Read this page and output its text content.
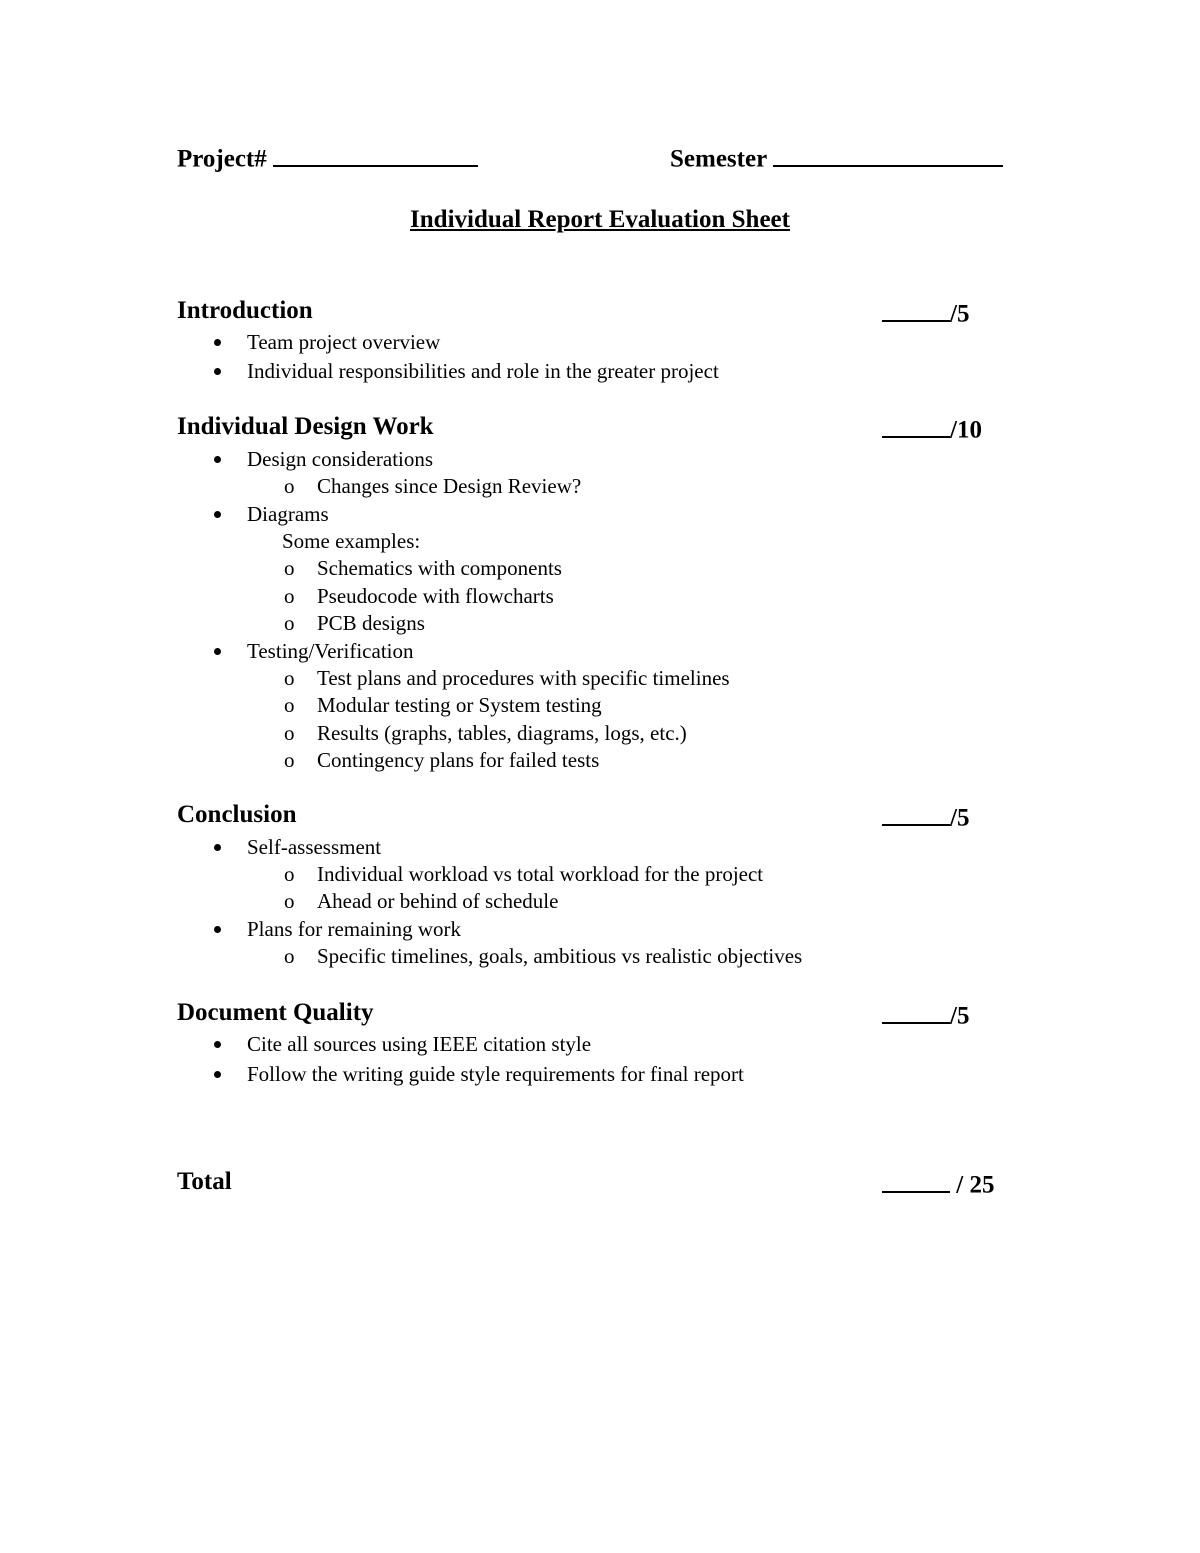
Project#	Semester
Individual Report Evaluation Sheet
Introduction	/5
Team project overview
Individual responsibilities and role in the greater project
Individual Design Work	/10
Design considerations
o Changes since Design Review?
Diagrams
Some examples:
o Schematics with components
o Pseudocode with flowcharts
o PCB designs
Testing/Verification
o Test plans and procedures with specific timelines
o Modular testing or System testing
o Results (graphs, tables, diagrams, logs, etc.)
o Contingency plans for failed tests
Conclusion	/5
Self-assessment
o Individual workload vs total workload for the project
o Ahead or behind of schedule
Plans for remaining work
o Specific timelines, goals, ambitious vs realistic objectives
Document Quality	/5
Cite all sources using IEEE citation style
Follow the writing guide style requirements for final report
Total	/ 25
